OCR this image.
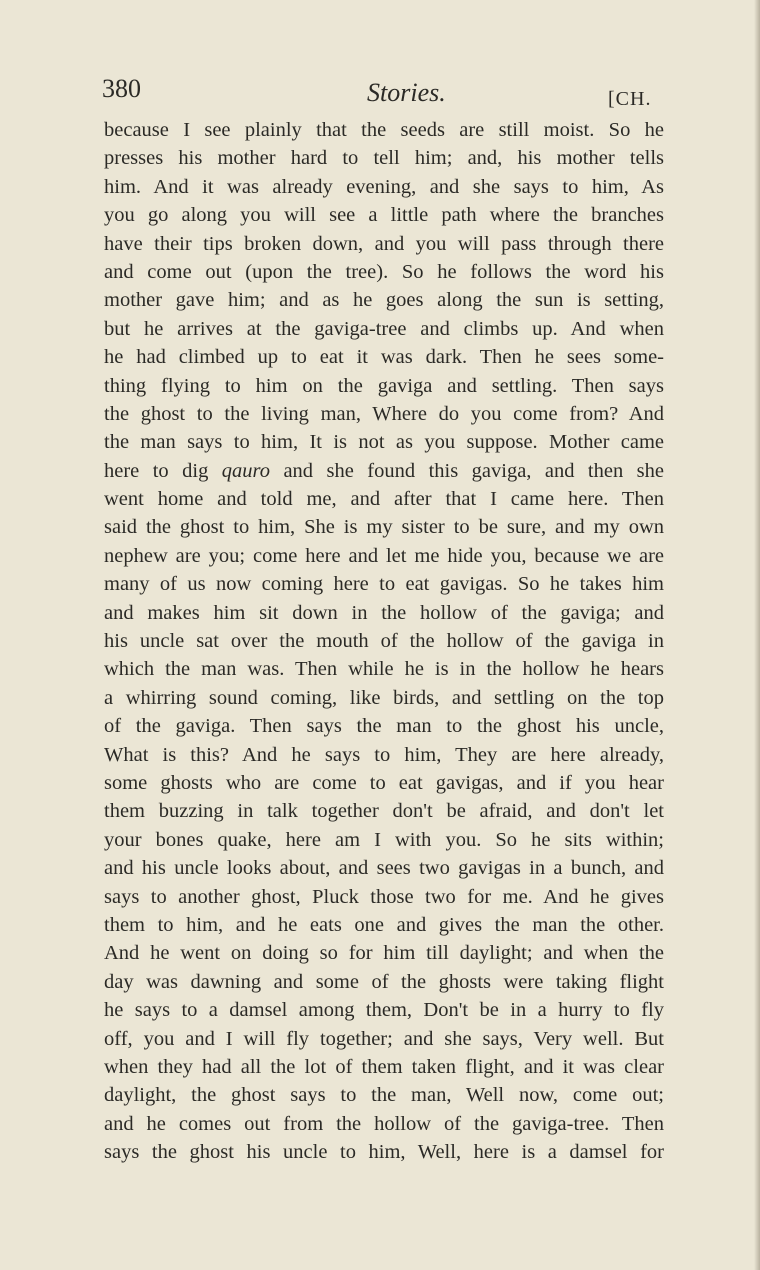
380	Stories.	[CH.
because I see plainly that the seeds are still moist. So he
presses his mother hard to tell him; and, his mother tells
him. And it was already evening, and she says to him, As
you go along you will see a little path where the branches
have their tips broken down, and you will pass through there
and come out (upon the tree). So he follows the word his
mother gave him; and as he goes along the sun is setting,
but he arrives at the gaviga-tree and climbs up. And when
he had climbed up to eat it was dark. Then he sees some-
thing flying to him on the gaviga and settling. Then says
the ghost to the living man, Where do you come from? And
the man says to him, It is not as you suppose. Mother came
here to dig qauro and she found this gaviga, and then she
went home and told me, and after that I came here. Then
said the ghost to him, She is my sister to be sure, and my own
nephew are you; come here and let me hide you, because we are
many of us now coming here to eat gavigas. So he takes him
and makes him sit down in the hollow of the gaviga; and
his uncle sat over the mouth of the hollow of the gaviga in
which the man was. Then while he is in the hollow he hears
a whirring sound coming, like birds, and settling on the top
of the gaviga. Then says the man to the ghost his uncle,
What is this? And he says to him, They are here already,
some ghosts who are come to eat gavigas, and if you hear
them buzzing in talk together don't be afraid, and don't let
your bones quake, here am I with you. So he sits within;
and his uncle looks about, and sees two gavigas in a bunch, and
says to another ghost, Pluck those two for me. And he gives
them to him, and he eats one and gives the man the other.
And he went on doing so for him till daylight; and when the
day was dawning and some of the ghosts were taking flight
he says to a damsel among them, Don't be in a hurry to fly
off, you and I will fly together; and she says, Very well. But
when they had all the lot of them taken flight, and it was clear
daylight, the ghost says to the man, Well now, come out;
and he comes out from the hollow of the gaviga-tree. Then
says the ghost his uncle to him, Well, here is a damsel for
